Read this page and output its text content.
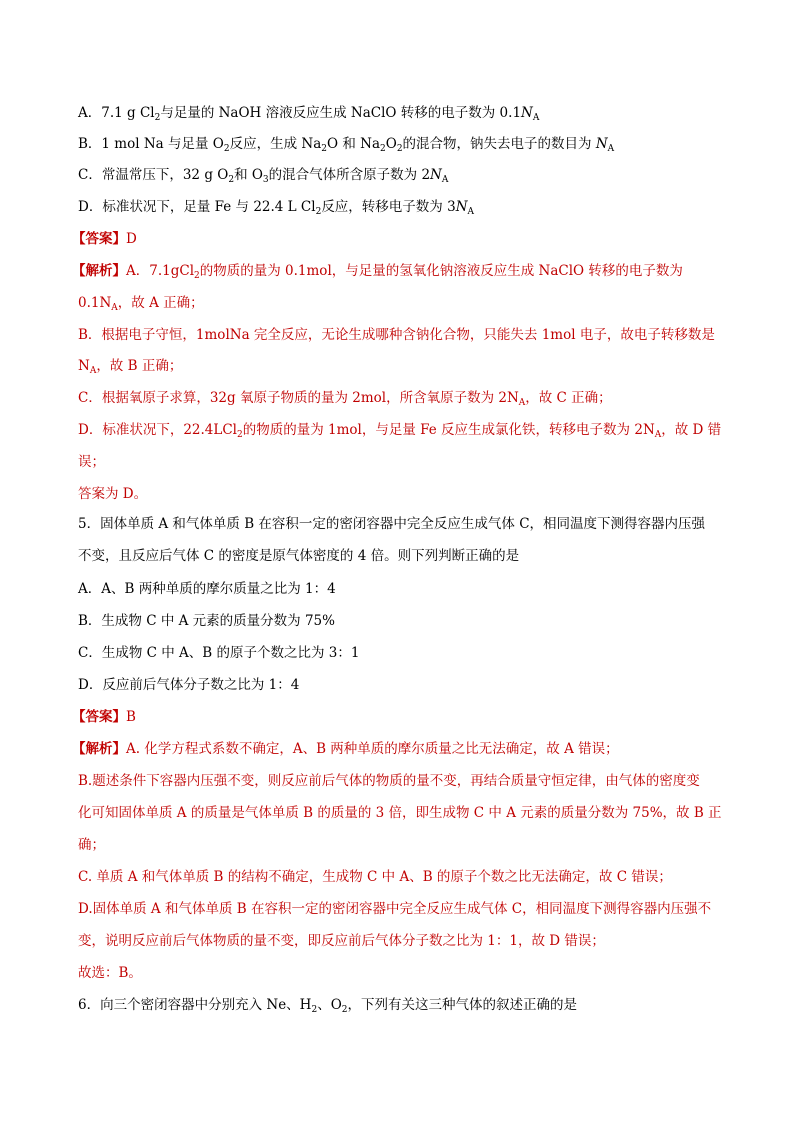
A．7.1 g $Cl_2$与足量的 NaOH 溶液反应生成 NaClO 转移的电子数为 $0.1N_A$
B．1 mol Na 与足量 $O_2$反应，生成 $Na_2O$ 和 $Na_2O_2$的混合物，钠失去电子的数目为 $N_A$
C．常温常压下，32 g $O_2$和 $O_3$的混合气体所含原子数为 $2N_A$
D．标准状况下，足量 Fe 与 22.4 L $Cl_2$反应，转移电子数为 $3N_A$
【答案】D
【解析】A．7.1gCl$_2$的物质的量为 0.1mol，与足量的氢氧化钠溶液反应生成 NaClO 转移的电子数为
$0.1N_A$，故 A 正确；
B．根据电子守恒，1molNa 完全反应，无论生成哪种含钠化合物，只能失去 1mol 电子，故电子转移数是
$N_A$，故 B 正确；
C．根据氧原子求算，32g 氧原子物质的量为 2mol，所含氧原子数为 $2N_A$，故 C 正确；
D．标准状况下，22.4LCl$_2$的物质的量为 1mol，与足量 Fe 反应生成氯化铁，转移电子数为 $2N_A$，故 D 错
误；
答案为 D。
5．固体单质 A 和气体单质 B 在容积一定的密闭容器中完全反应生成气体 C，相同温度下测得容器内压强
不变，且反应后气体 C 的密度是原气体密度的 4 倍。则下列判断正确的是
A．A、B 两种单质的摩尔质量之比为 1：4
B．生成物 C 中 A 元素的质量分数为 75%
C．生成物 C 中 A、B 的原子个数之比为 3：1
D．反应前后气体分子数之比为 1：4
【答案】B
【解析】A. 化学方程式系数不确定，A、B 两种单质的摩尔质量之比无法确定，故 A 错误；
B.题述条件下容器内压强不变，则反应前后气体的物质的量不变，再结合质量守恒定律，由气体的密度变
化可知固体单质 A 的质量是气体单质 B 的质量的 3 倍，即生成物 C 中 A 元素的质量分数为 75%，故 B 正
确；
C. 单质 A 和气体单质 B 的结构不确定，生成物 C 中 A、B 的原子个数之比无法确定，故 C 错误；
D.固体单质 A 和气体单质 B 在容积一定的密闭容器中完全反应生成气体 C，相同温度下测得容器内压强不
变，说明反应前后气体物质的量不变，即反应前后气体分子数之比为 1：1，故 D 错误；
故选：B。
6．向三个密闭容器中分别充入 Ne、$H_2$、$O_2$，下列有关这三种气体的叙述正确的是
